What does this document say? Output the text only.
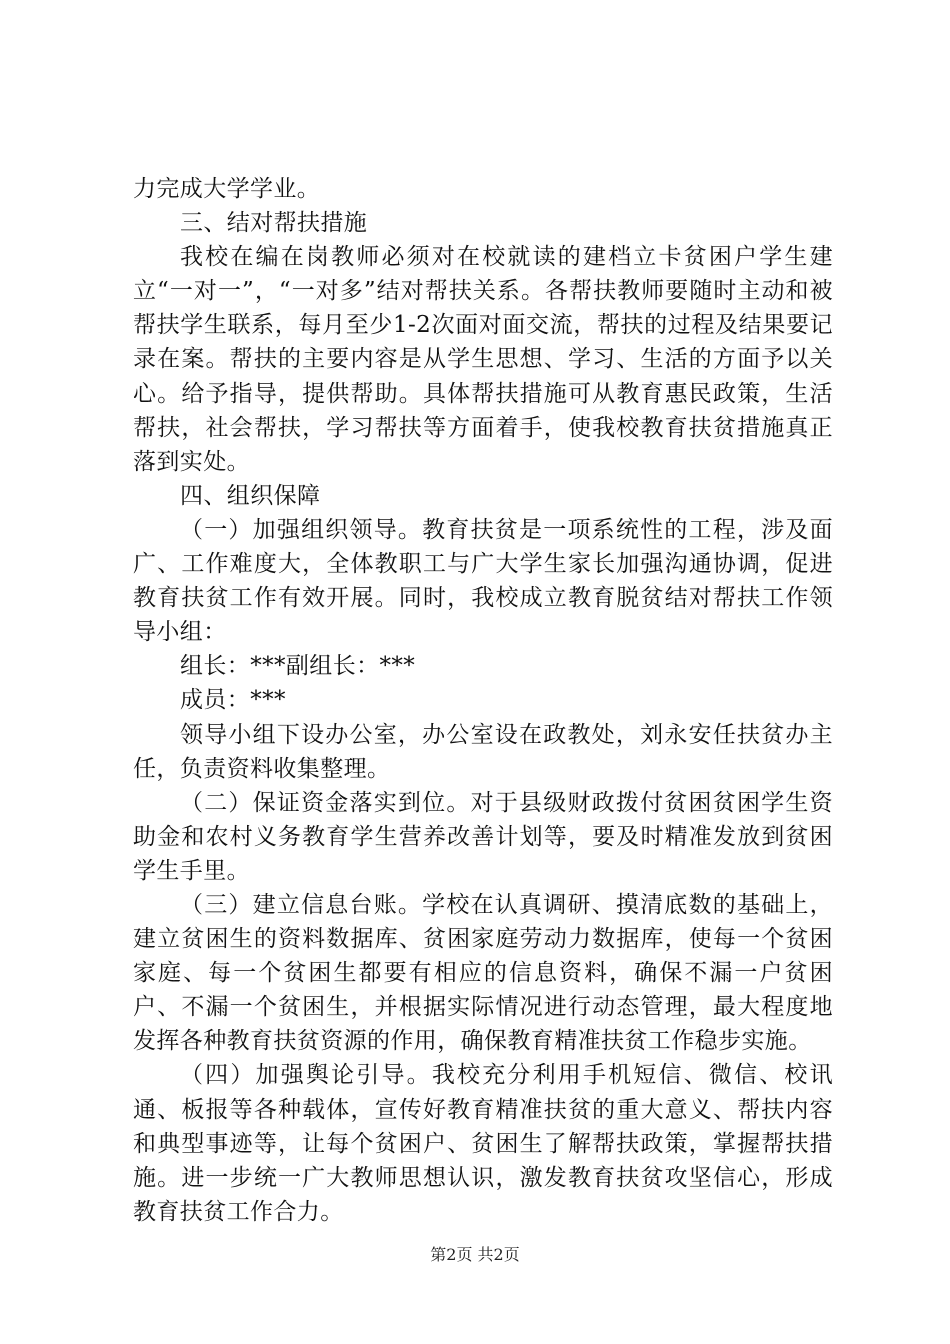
力完成大学学业。

三、结对帮扶措施

我校在编在岗教师必须对在校就读的建档立卡贫困户学生建立“一对一”，“一对多”结对帮扶关系。各帮扶教师要随时主动和被帮扶学生联系，每月至少1-2次面对面交流，帮扶的过程及结果要记录在案。帮扶的主要内容是从学生思想、学习、生活的方面予以关心。给予指导，提供帮助。具体帮扶措施可从教育惠民政策，生活帮扶，社会帮扶，学习帮扶等方面着手，使我校教育扶贫措施真正落到实处。

四、组织保障

（一）加强组织领导。教育扶贫是一项系统性的工程，涉及面广、工作难度大，全体教职工与广大学生家长加强沟通协调，促进教育扶贫工作有效开展。同时，我校成立教育脱贫结对帮扶工作领导小组：

组长：***副组长：***

成员：***

领导小组下设办公室，办公室设在政教处，刘永安任扶贫办主任，负责资料收集整理。

（二）保证资金落实到位。对于县级财政拨付贫困贫困学生资助金和农村义务教育学生营养改善计划等，要及时精准发放到贫困学生手里。

（三）建立信息台账。学校在认真调研、摸清底数的基础上，建立贫困生的资料数据库、贫困家庭劳动力数据库，使每一个贫困家庭、每一个贫困生都要有相应的信息资料，确保不漏一户贫困户、不漏一个贫困生，并根据实际情况进行动态管理，最大程度地发挥各种教育扶贫资源的作用，确保教育精准扶贫工作稳步实施。

（四）加强舆论引导。我校充分利用手机短信、微信、校讯通、板报等各种载体，宣传好教育精准扶贫的重大意义、帮扶内容和典型事迹等，让每个贫困户、贫困生了解帮扶政策，掌握帮扶措施。进一步统一广大教师思想认识，激发教育扶贫攻坚信心，形成教育扶贫工作合力。

第2页 共2页
